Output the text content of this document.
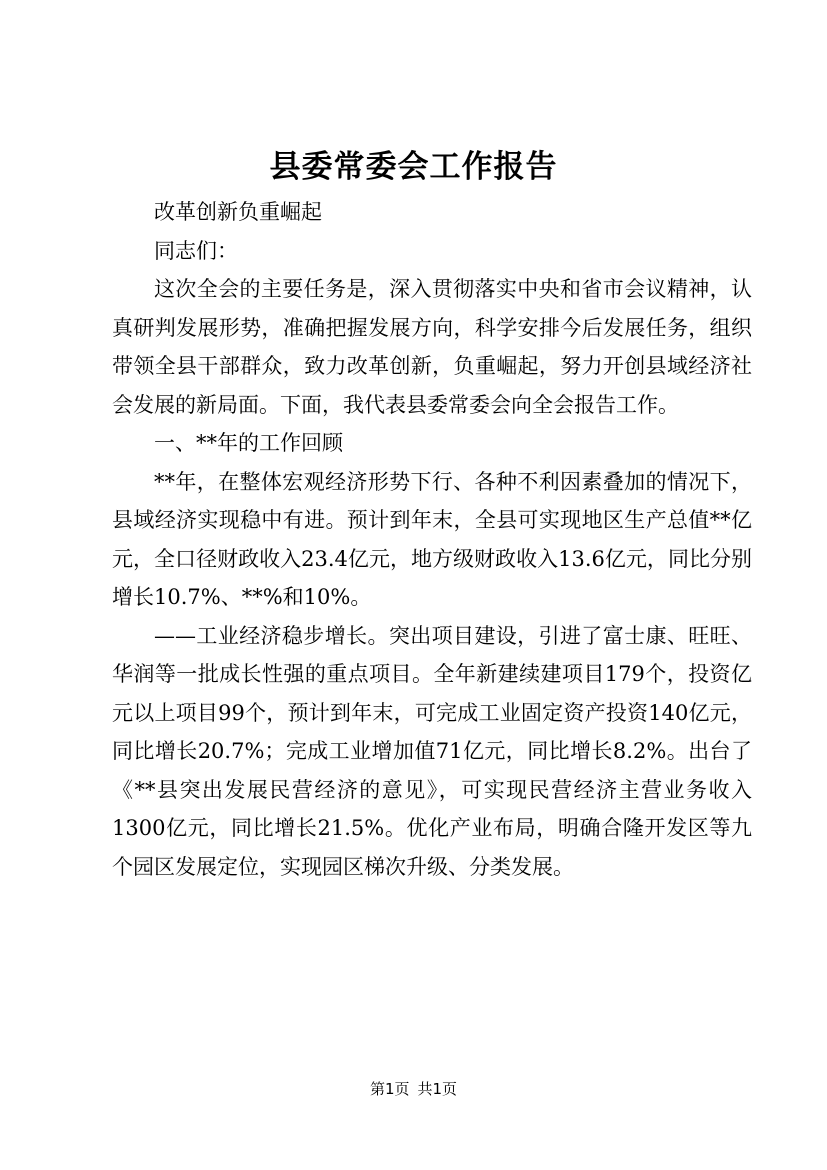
县委常委会工作报告

改革创新负重崛起

同志们：

这次全会的主要任务是，深入贯彻落实中央和省市会议精神，认真研判发展形势，准确把握发展方向，科学安排今后发展任务，组织带领全县干部群众，致力改革创新，负重崛起，努力开创县域经济社会发展的新局面。下面，我代表县委常委会向全会报告工作。

一、**年的工作回顾

**年，在整体宏观经济形势下行、各种不利因素叠加的情况下，县域经济实现稳中有进。预计到年末，全县可实现地区生产总值**亿元，全口径财政收入23.4亿元，地方级财政收入13.6亿元，同比分别增长10.7%、**%和10%。

——工业经济稳步增长。突出项目建设，引进了富士康、旺旺、华润等一批成长性强的重点项目。全年新建续建项目179个，投资亿元以上项目99个，预计到年末，可完成工业固定资产投资140亿元，同比增长20.7%；完成工业增加值71亿元，同比增长8.2%。出台了《**县突出发展民营经济的意见》，可实现民营经济主营业务收入1300亿元，同比增长21.5%。优化产业布局，明确合隆开发区等九个园区发展定位，实现园区梯次升级、分类发展。

第1页 共1页
